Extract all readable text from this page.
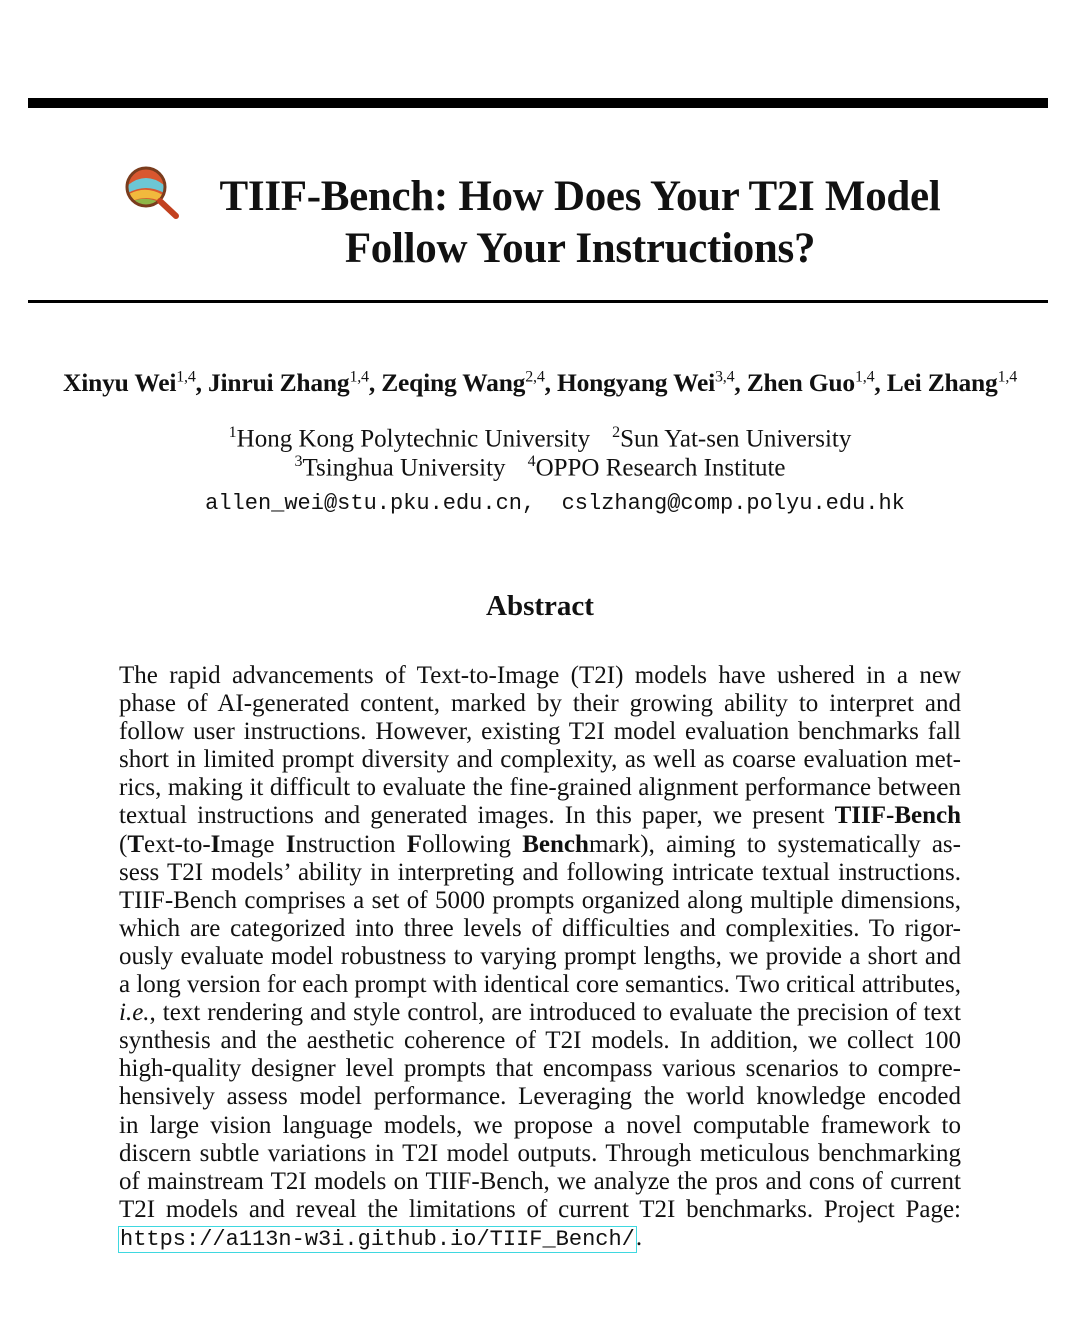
TIIF-Bench: How Does Your T2I Model
Follow Your Instructions?
Xinyu Wei$^{1,4}$, Jinrui Zhang$^{1,4}$, Zeqing Wang$^{2,4}$, Hongyang Wei$^{3,4}$, Zhen Guo$^{1,4}$, Lei Zhang$^{1,4}$
$^1$Hong Kong Polytechnic University $^2$Sun Yat-sen University
$^3$Tsinghua University $^4$OPPO Research Institute
allen_wei@stu.pku.edu.cn,  cslzhang@comp.polyu.edu.hk
Abstract
The rapid advancements of Text-to-Image (T2I) models have ushered in a new
phase of AI-generated content, marked by their growing ability to interpret and
follow user instructions. However, existing T2I model evaluation benchmarks fall
short in limited prompt diversity and complexity, as well as coarse evaluation met-
rics, making it difficult to evaluate the fine-grained alignment performance between
textual instructions and generated images. In this paper, we present TIIF-Bench
(Text-to-Image Instruction Following Benchmark), aiming to systematically as-
sess T2I models’ ability in interpreting and following intricate textual instructions.
TIIF-Bench comprises a set of 5000 prompts organized along multiple dimensions,
which are categorized into three levels of difficulties and complexities. To rigor-
ously evaluate model robustness to varying prompt lengths, we provide a short and
a long version for each prompt with identical core semantics. Two critical attributes,
i.e., text rendering and style control, are introduced to evaluate the precision of text
synthesis and the aesthetic coherence of T2I models. In addition, we collect 100
high-quality designer level prompts that encompass various scenarios to compre-
hensively assess model performance. Leveraging the world knowledge encoded
in large vision language models, we propose a novel computable framework to
discern subtle variations in T2I model outputs. Through meticulous benchmarking
of mainstream T2I models on TIIF-Bench, we analyze the pros and cons of current
T2I models and reveal the limitations of current T2I benchmarks. Project Page:
https://a113n-w3i.github.io/TIIF_Bench/.
